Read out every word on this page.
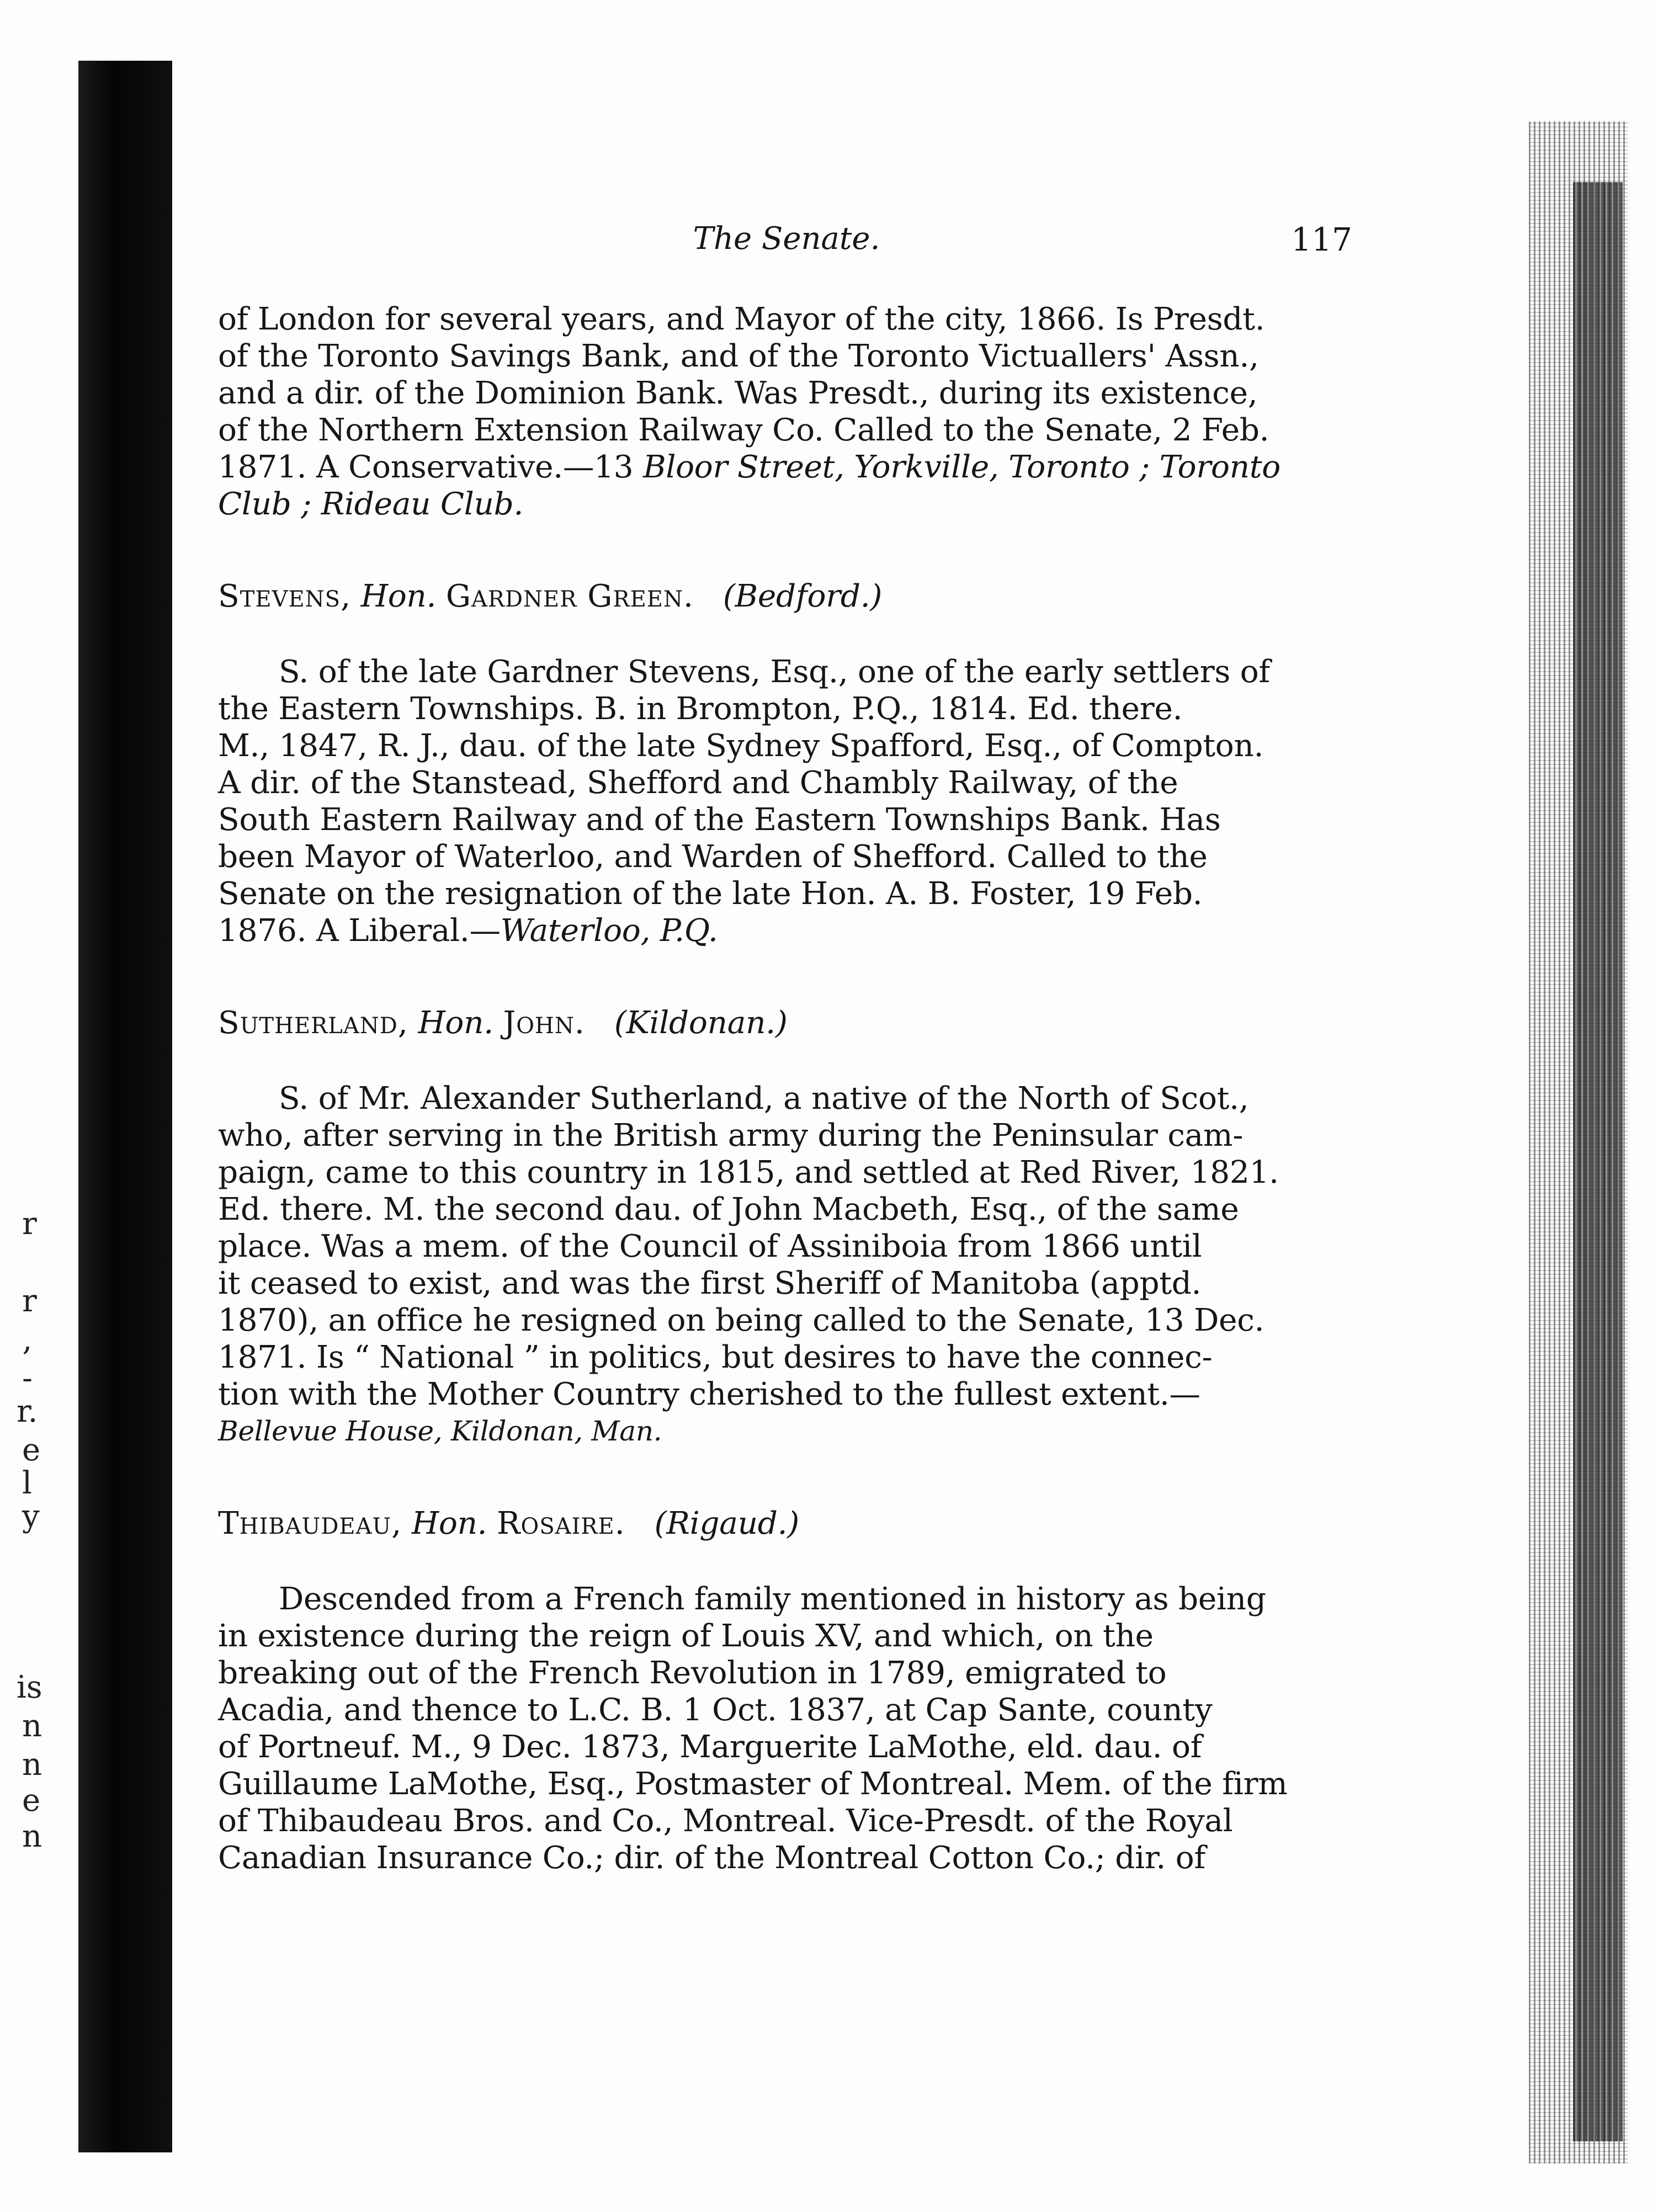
r
r
‚
-
r.
e
l
y
is
n
n
e
n
The Senate.	117
of London for several years, and Mayor of the city, 1866. Is Presdt.
of the Toronto Savings Bank, and of the Toronto Victuallers' Assn.,
and a dir. of the Dominion Bank. Was Presdt., during its existence,
of the Northern Extension Railway Co. Called to the Senate, 2 Feb.
1871. A Conservative.—13 Bloor Street, Yorkville, Toronto ; Toronto
Club ; Rideau Club.
Stevens, Hon. Gardner Green. (Bedford.)
S. of the late Gardner Stevens, Esq., one of the early settlers of
the Eastern Townships. B. in Brompton, P.Q., 1814. Ed. there.
M., 1847, R. J., dau. of the late Sydney Spafford, Esq., of Compton.
A dir. of the Stanstead, Shefford and Chambly Railway, of the
South Eastern Railway and of the Eastern Townships Bank. Has
been Mayor of Waterloo, and Warden of Shefford. Called to the
Senate on the resignation of the late Hon. A. B. Foster, 19 Feb.
1876. A Liberal.—Waterloo, P.Q.
Sutherland, Hon. John. (Kildonan.)
S. of Mr. Alexander Sutherland, a native of the North of Scot.,
who, after serving in the British army during the Peninsular cam-
paign, came to this country in 1815, and settled at Red River, 1821.
Ed. there. M. the second dau. of John Macbeth, Esq., of the same
place. Was a mem. of the Council of Assiniboia from 1866 until
it ceased to exist, and was the first Sheriff of Manitoba (apptd.
1870), an office he resigned on being called to the Senate, 13 Dec.
1871. Is “ National ” in politics, but desires to have the connec-
tion with the Mother Country cherished to the fullest extent.—
Bellevue House, Kildonan, Man.
Thibaudeau, Hon. Rosaire. (Rigaud.)
Descended from a French family mentioned in history as being
in existence during the reign of Louis XV, and which, on the
breaking out of the French Revolution in 1789, emigrated to
Acadia, and thence to L.C. B. 1 Oct. 1837, at Cap Sante, county
of Portneuf. M., 9 Dec. 1873, Marguerite LaMothe, eld. dau. of
Guillaume LaMothe, Esq., Postmaster of Montreal. Mem. of the firm
of Thibaudeau Bros. and Co., Montreal. Vice-Presdt. of the Royal
Canadian Insurance Co.; dir. of the Montreal Cotton Co.; dir. of
